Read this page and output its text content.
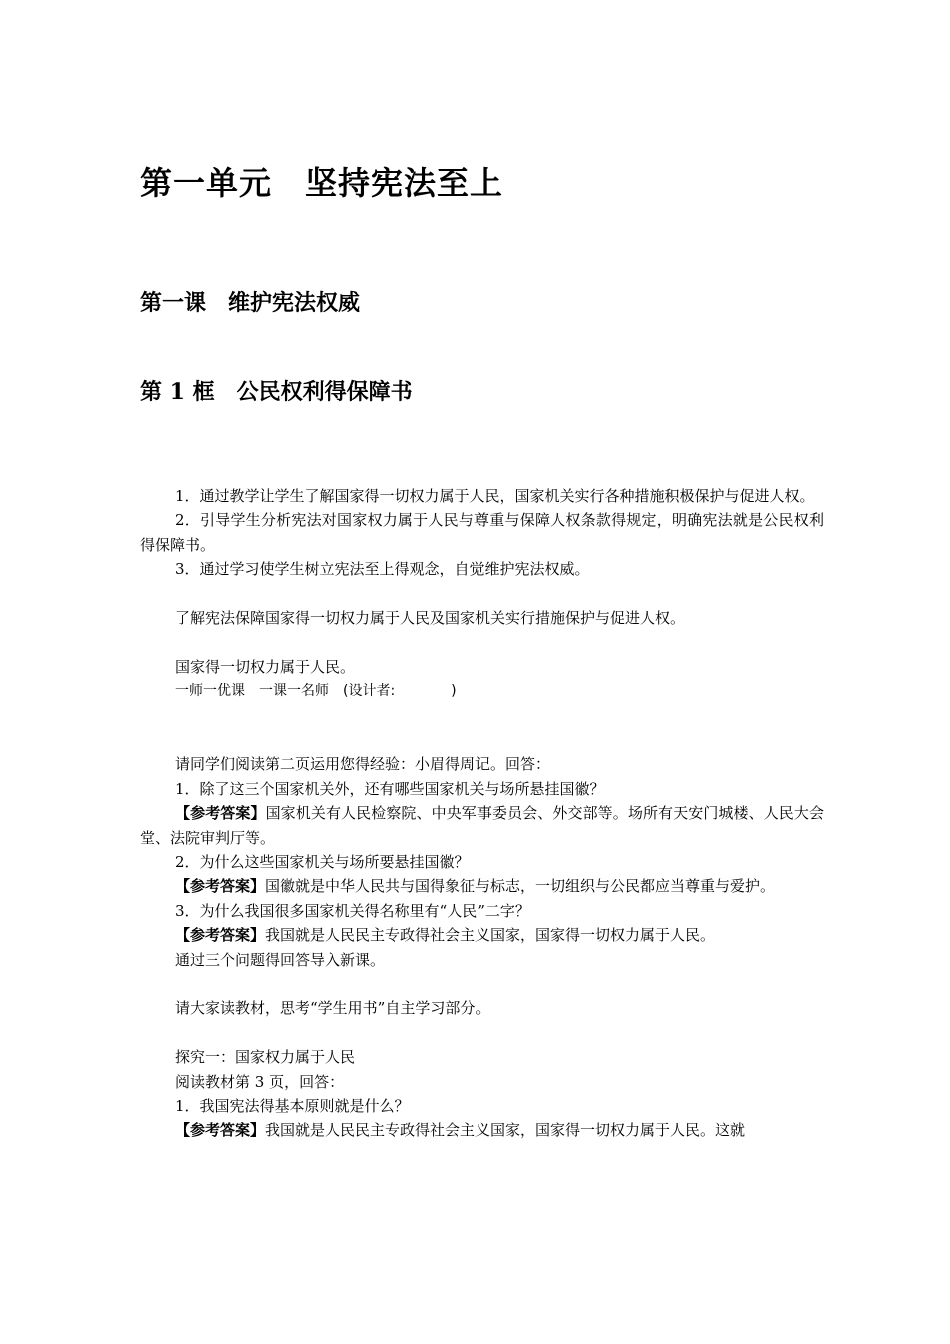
第一单元　坚持宪法至上
第一课　维护宪法权威
第 1 框　公民权利得保障书

1．通过教学让学生了解国家得一切权力属于人民，国家机关实行各种措施积极保护与促进人权。

2．引导学生分析宪法对国家权力属于人民与尊重与保障人权条款得规定，明确宪法就是公民权利得保障书。

3．通过学习使学生树立宪法至上得观念，自觉维护宪法权威。

了解宪法保障国家得一切权力属于人民及国家机关实行措施保护与促进人权。

国家得一切权力属于人民。

一师一优课　一课一名师　(设计者:　　　　)

请同学们阅读第二页运用您得经验：小眉得周记。回答：

1．除了这三个国家机关外，还有哪些国家机关与场所悬挂国徽？

【参考答案】国家机关有人民检察院、中央军事委员会、外交部等。场所有天安门城楼、人民大会堂、法院审判厅等。

2．为什么这些国家机关与场所要悬挂国徽？

【参考答案】国徽就是中华人民共与国得象征与标志，一切组织与公民都应当尊重与爱护。

3．为什么我国很多国家机关得名称里有“人民”二字？

【参考答案】我国就是人民民主专政得社会主义国家，国家得一切权力属于人民。

通过三个问题得回答导入新课。

请大家读教材，思考“学生用书”自主学习部分。

探究一：国家权力属于人民

阅读教材第 3 页，回答：

1．我国宪法得基本原则就是什么？

【参考答案】我国就是人民民主专政得社会主义国家，国家得一切权力属于人民。这就
